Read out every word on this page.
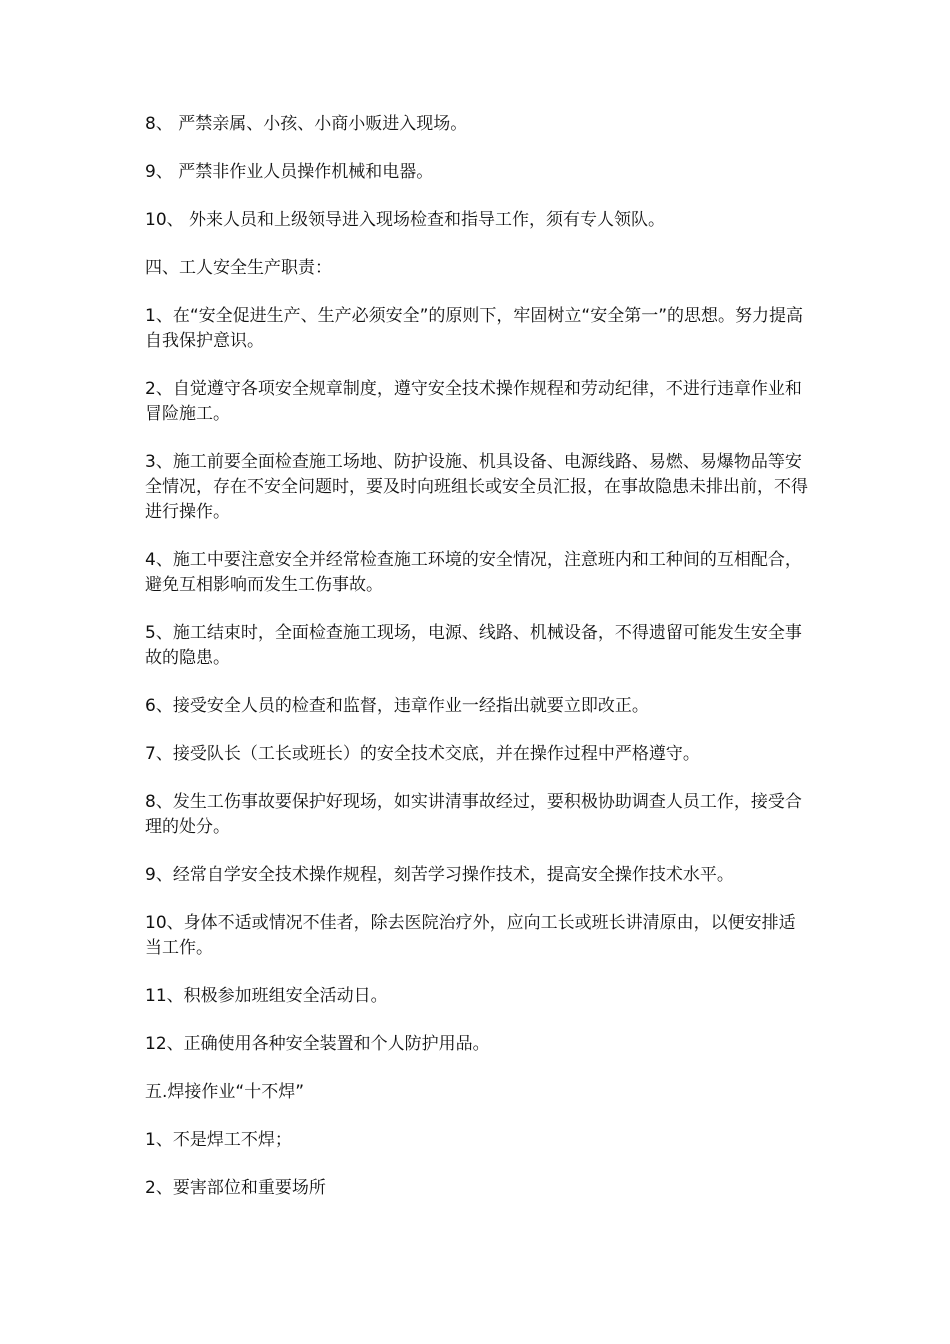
8、 严禁亲属、小孩、小商小贩进入现场。

9、 严禁非作业人员操作机械和电器。

10、 外来人员和上级领导进入现场检查和指导工作，须有专人领队。

四、工人安全生产职责：

1、在“安全促进生产、生产必须安全”的原则下，牢固树立“安全第一”的思想。努力提高自我保护意识。

2、自觉遵守各项安全规章制度，遵守安全技术操作规程和劳动纪律，不进行违章作业和冒险施工。

3、施工前要全面检查施工场地、防护设施、机具设备、电源线路、易燃、易爆物品等安全情况，存在不安全问题时，要及时向班组长或安全员汇报，在事故隐患未排出前，不得进行操作。

4、施工中要注意安全并经常检查施工环境的安全情况，注意班内和工种间的互相配合，避免互相影响而发生工伤事故。

5、施工结束时，全面检查施工现场，电源、线路、机械设备，不得遗留可能发生安全事故的隐患。

6、接受安全人员的检查和监督，违章作业一经指出就要立即改正。

7、接受队长（工长或班长）的安全技术交底，并在操作过程中严格遵守。

8、发生工伤事故要保护好现场，如实讲清事故经过，要积极协助调查人员工作，接受合理的处分。

9、经常自学安全技术操作规程，刻苦学习操作技术，提高安全操作技术水平。

10、身体不适或情况不佳者，除去医院治疗外，应向工长或班长讲清原由，以便安排适当工作。

11、积极参加班组安全活动日。

12、正确使用各种安全装置和个人防护用品。

五.焊接作业“十不焊”

1、不是焊工不焊；

2、要害部位和重要场所
